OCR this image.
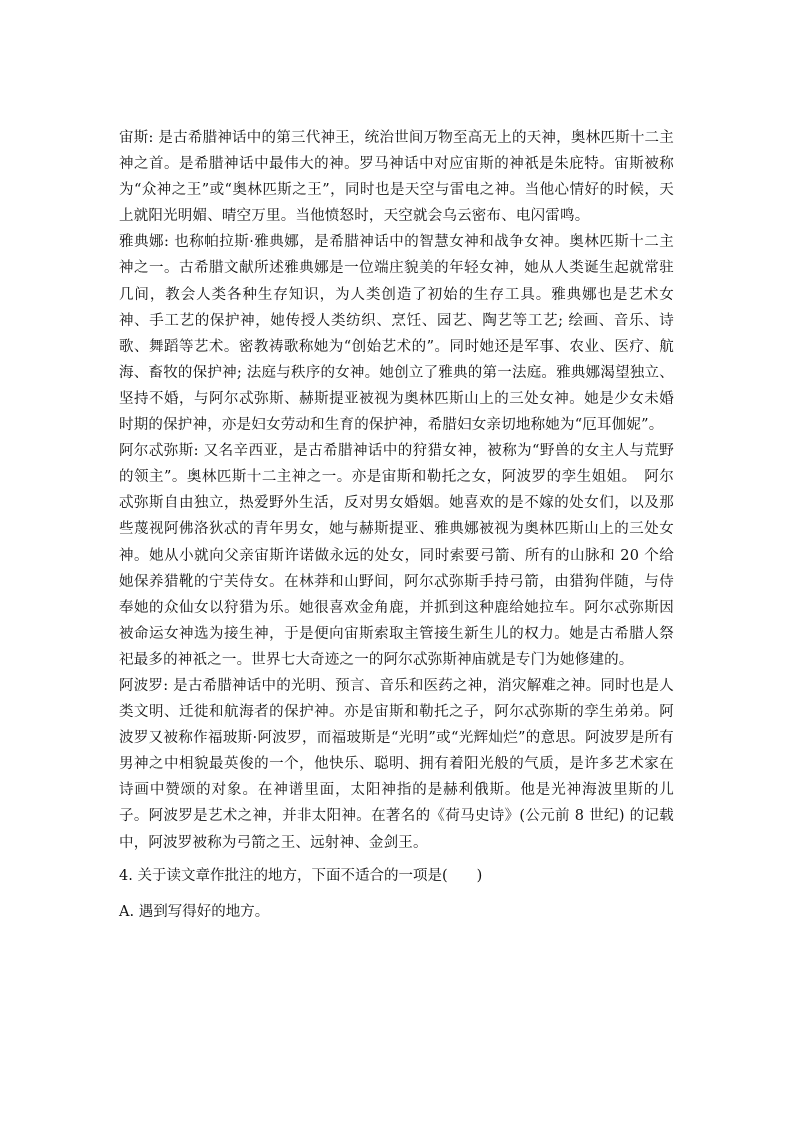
宙斯: 是古希腊神话中的第三代神王，统治世间万物至高无上的天神，奥林匹斯十二主神之首。是希腊神话中最伟大的神。罗马神话中对应宙斯的神祇是朱庇特。宙斯被称为“众神之王”或“奥林匹斯之王”，同时也是天空与雷电之神。当他心情好的时候，天上就阳光明媚、晴空万里。当他愤怒时，天空就会乌云密布、电闪雷鸣。

雅典娜: 也称帕拉斯·雅典娜，是希腊神话中的智慧女神和战争女神。奥林匹斯十二主神之一。古希腊文献所述雅典娜是一位端庄貌美的年轻女神，她从人类诞生起就常驻几间，教会人类各种生存知识，为人类创造了初始的生存工具。雅典娜也是艺术女神、手工艺的保护神，她传授人类纺织、烹饪、园艺、陶艺等工艺; 绘画、音乐、诗歌、舞蹈等艺术。密教祷歌称她为“创始艺术的”。同时她还是军事、农业、医疗、航海、畜牧的保护神; 法庭与秩序的女神。她创立了雅典的第一法庭。雅典娜渴望独立、坚持不婚，与阿尔忒弥斯、赫斯提亚被视为奥林匹斯山上的三处女神。她是少女未婚时期的保护神，亦是妇女劳动和生育的保护神，希腊妇女亲切地称她为“厄耳伽妮”。

阿尔忒弥斯: 又名辛西亚，是古希腊神话中的狩猎女神，被称为“野兽的女主人与荒野的领主”。奥林匹斯十二主神之一。亦是宙斯和勒托之女，阿波罗的孪生姐姐。　阿尔忒弥斯自由独立，热爱野外生活，反对男女婚姻。她喜欢的是不嫁的处女们，以及那些蔑视阿佛洛狄忒的青年男女，她与赫斯提亚、雅典娜被视为奥林匹斯山上的三处女神。她从小就向父亲宙斯许诺做永远的处女，同时索要弓箭、所有的山脉和 20 个给她保养猎靴的宁芙侍女。在林莽和山野间，阿尔忒弥斯手持弓箭，由猎狗伴随，与侍奉她的众仙女以狩猎为乐。她很喜欢金角鹿，并抓到这种鹿给她拉车。阿尔忒弥斯因被命运女神选为接生神，于是便向宙斯索取主管接生新生儿的权力。她是古希腊人祭祀最多的神祇之一。世界七大奇迹之一的阿尔忒弥斯神庙就是专门为她修建的。

阿波罗: 是古希腊神话中的光明、预言、音乐和医药之神，消灾解难之神。同时也是人类文明、迁徙和航海者的保护神。亦是宙斯和勒托之子，阿尔忒弥斯的孪生弟弟。阿波罗又被称作福玻斯·阿波罗，而福玻斯是“光明”或“光辉灿烂”的意思。阿波罗是所有男神之中相貌最英俊的一个，他快乐、聪明、拥有着阳光般的气质，是许多艺术家在诗画中赞颂的对象。在神谱里面，太阳神指的是赫利俄斯。他是光神海波里斯的儿子。阿波罗是艺术之神，并非太阳神。在著名的《荷马史诗》(公元前 8 世纪) 的记载中，阿波罗被称为弓箭之王、远射神、金剑王。

4. 关于读文章作批注的地方，下面不适合的一项是(　　)

A. 遇到写得好的地方。
